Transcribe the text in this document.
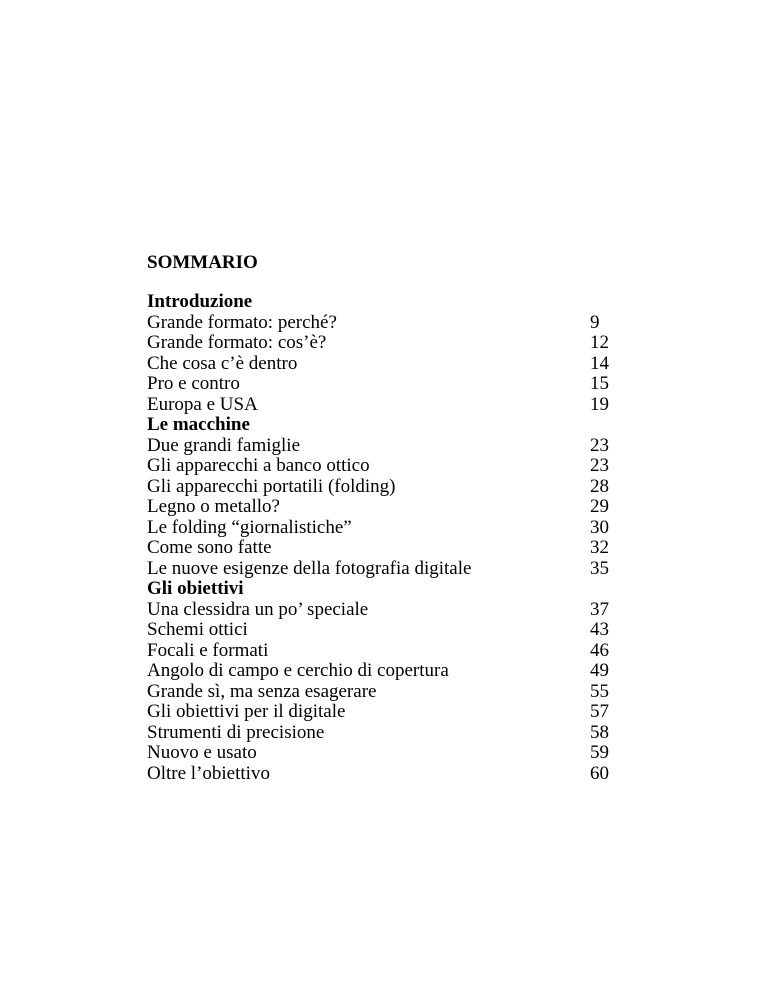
SOMMARIO
Introduzione
Grande formato: perché?	9
Grande formato: cos’è?	12
Che cosa c’è dentro	14
Pro e contro	15
Europa e USA	19
Le macchine
Due grandi famiglie	23
Gli apparecchi a banco ottico	23
Gli apparecchi portatili (folding)	28
Legno o metallo?	29
Le folding “giornalistiche”	30
Come sono fatte	32
Le nuove esigenze della fotografia digitale	35
Gli obiettivi
Una clessidra un po’ speciale	37
Schemi ottici	43
Focali e formati	46
Angolo di campo e cerchio di copertura	49
Grande sì, ma senza esagerare	55
Gli obiettivi per il digitale	57
Strumenti di precisione	58
Nuovo e usato	59
Oltre l’obiettivo	60
